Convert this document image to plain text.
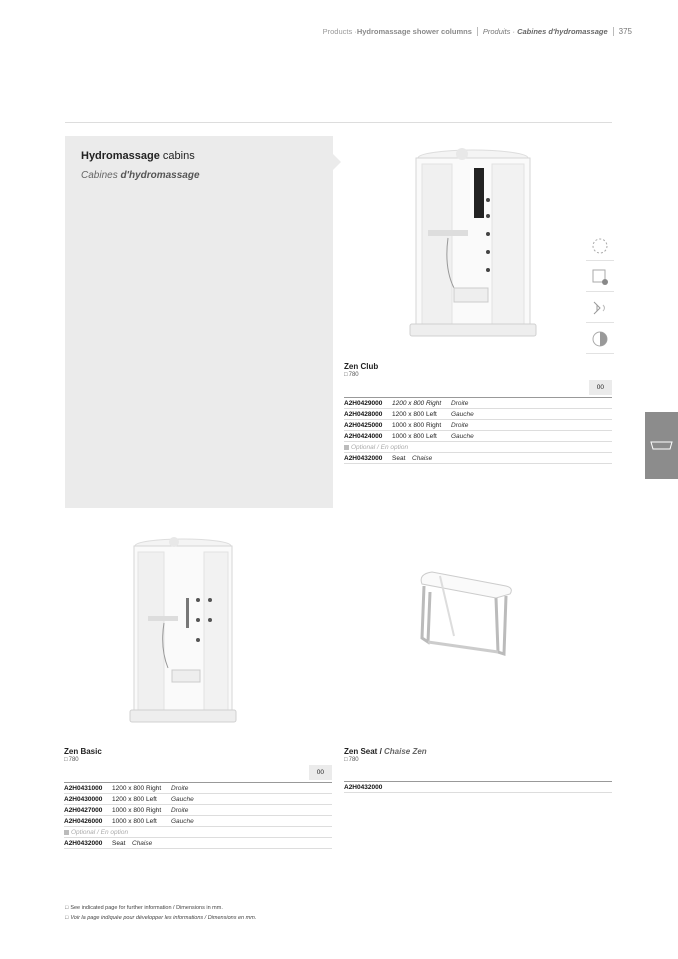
Products · Hydromassage shower columns Produits · Cabines d'hydromassage 375
Hydromassage cabins
Cabines d'hydromassage
Zen Club
□ 780
00
A2H0429000	1200 x 800 Right	Droite
A2H0428000	1200 x 800 Left	Gauche
A2H0425000	1000 x 800 Right	Droite
A2H0424000	1000 x 800 Left	Gauche
Optional / En option
A2H0432000	Seat	Chaise
Zen Basic
□ 780
00
A2H0431000	1200 x 800 Right	Droite
A2H0430000	1200 x 800 Left	Gauche
A2H0427000	1000 x 800 Right	Droite
A2H0426000	1000 x 800 Left	Gauche
Optional / En option
A2H0432000	Seat	Chaise
Zen Seat / Chaise Zen
□ 780
A2H0432000
□ See indicated page for further information / Dimensions in mm.
□ Voir la page indiquée pour développer les informations / Dimensions en mm.
